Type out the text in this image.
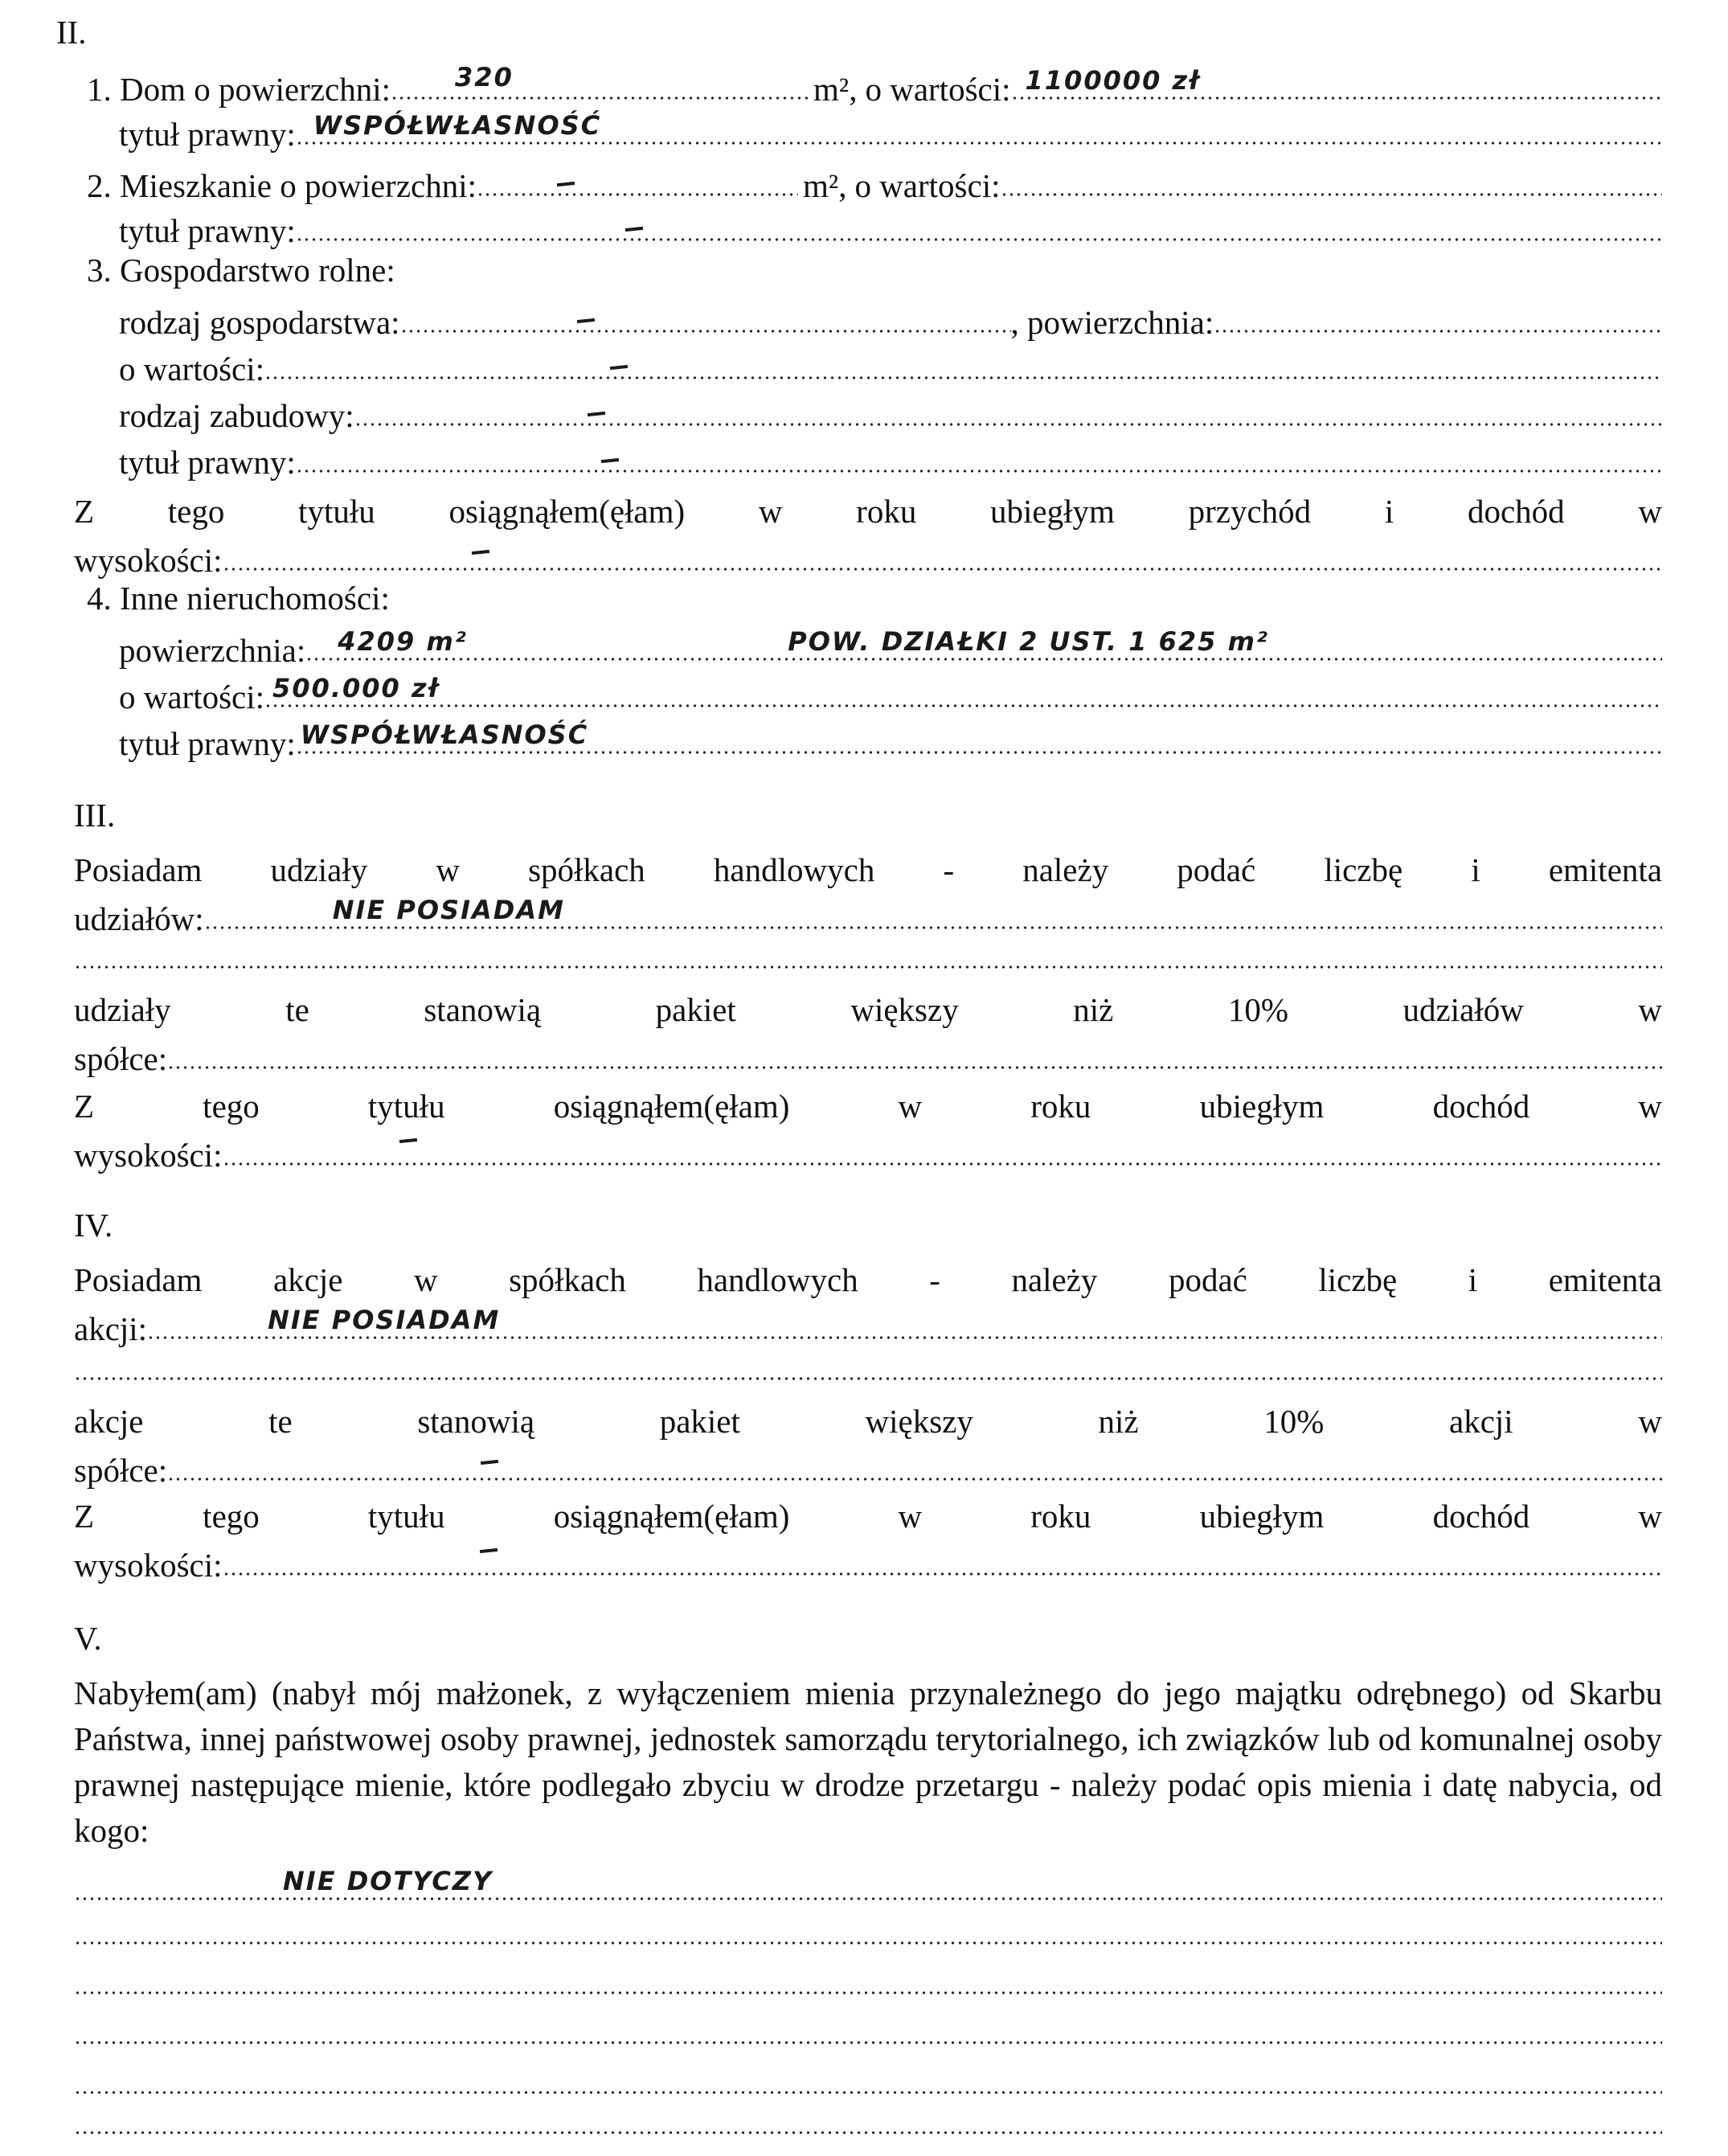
II.
1. Dom o powierzchni:	320	m², o wartości: 1100000 zł
tytuł prawny: WSPÓŁWŁASNOŚĆ
2. Mieszkanie o powierzchni:	m², o wartości:
tytuł prawny:
3. Gospodarstwo rolne:
rodzaj gospodarstwa:	, powierzchnia:
o wartości:
rodzaj zabudowy:
tytuł prawny:
Z tego tytułu osiągnąłem(ęłam) w roku ubiegłym przychód i dochód w
wysokości:
4. Inne nieruchomości:
powierzchnia: 4209 m²	POW. DZIAŁKI 2 UST. 1 625 m²
o wartości: 500.000 zł
tytuł prawny: WSPÓŁWŁASNOŚĆ
III.
Posiadam udziały w spółkach handlowych - należy podać liczbę i emitenta
udziałów:	NIE POSIADAM
udziały	te	stanowią	pakiet	większy	niż	10%	udziałów	w
spółce:
Z	tego	tytułu	osiągnąłem(ęłam)	w	roku	ubiegłym	dochód	w
wysokości:
IV.
Posiadam akcje w spółkach handlowych - należy podać liczbę i emitenta
akcji:	NIE POSIADAM
akcje	te	stanowią	pakiet	większy	niż	10%	akcji	w
spółce:
Z	tego	tytułu	osiągnąłem(ęłam)	w	roku	ubiegłym	dochód	w
wysokości:
V.
Nabyłem(am) (nabył mój małżonek, z wyłączeniem mienia przynależnego do jego majątku odrębnego) od Skarbu Państwa, innej państwowej osoby prawnej, jednostek samorządu terytorialnego, ich związków lub od komunalnej osoby prawnej następujące mienie, które podlegało zbyciu w drodze przetargu - należy podać opis mienia i datę nabycia, od kogo:
NIE DOTYCZY
